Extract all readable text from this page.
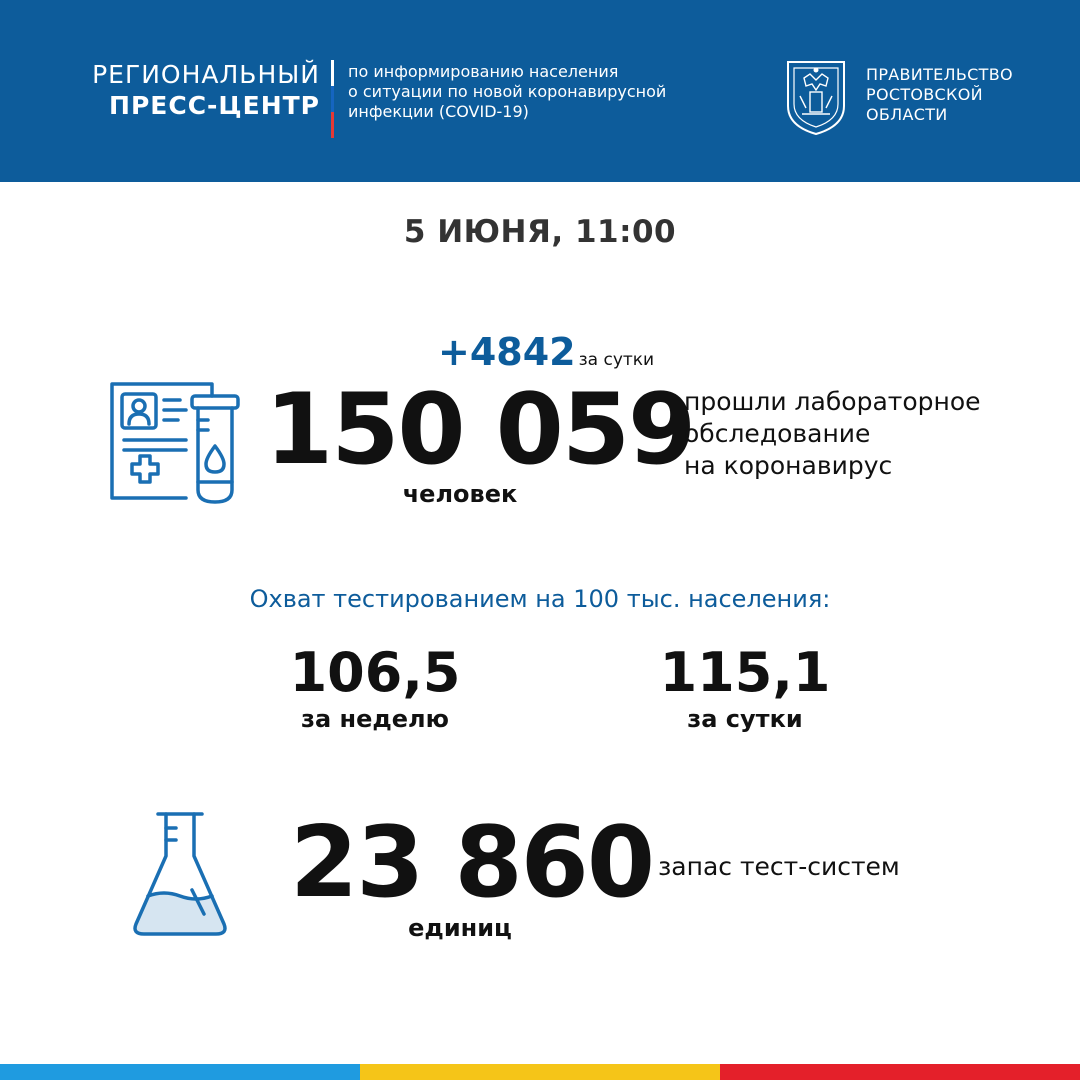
РЕГИОНАЛЬНЫЙ
ПРЕСС-ЦЕНТР
по информированию населения
о ситуации по новой коронавирусной
инфекции (COVID-19)
ПРАВИТЕЛЬСТВО
РОСТОВСКОЙ
ОБЛАСТИ
5 ИЮНЯ, 11:00
+4842 за сутки
150 059
человек
прошли лабораторное
обследование
на коронавирус
Охват тестированием на 100 тыс. населения:
106,5
за неделю
115,1
за сутки
23 860
единиц
запас тест-систем
